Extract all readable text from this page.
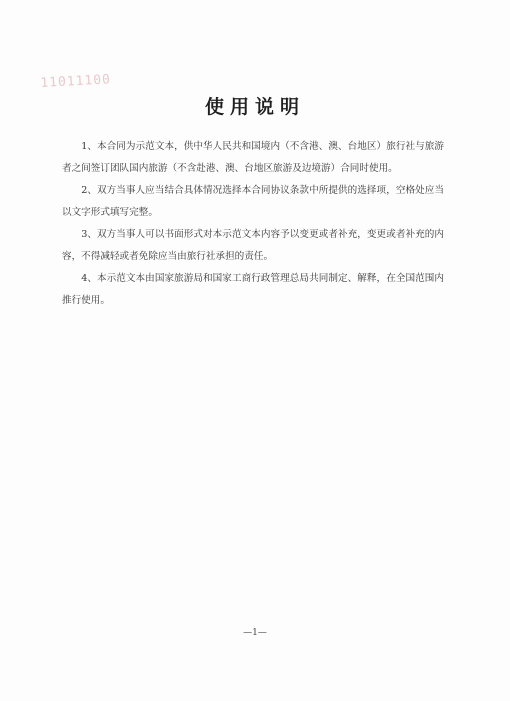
11011100
使用说明

1、本合同为示范文本，供中华人民共和国境内（不含港、澳、台地区）旅行社与旅游者之间签订团队国内旅游（不含赴港、澳、台地区旅游及边境游）合同时使用。

2、双方当事人应当结合具体情况选择本合同协议条款中所提供的选择项，空格处应当以文字形式填写完整。

3、双方当事人可以书面形式对本示范文本内容予以变更或者补充，变更或者补充的内容，不得减轻或者免除应当由旅行社承担的责任。

4、本示范文本由国家旅游局和国家工商行政管理总局共同制定、解释，在全国范围内推行使用。

—1—
